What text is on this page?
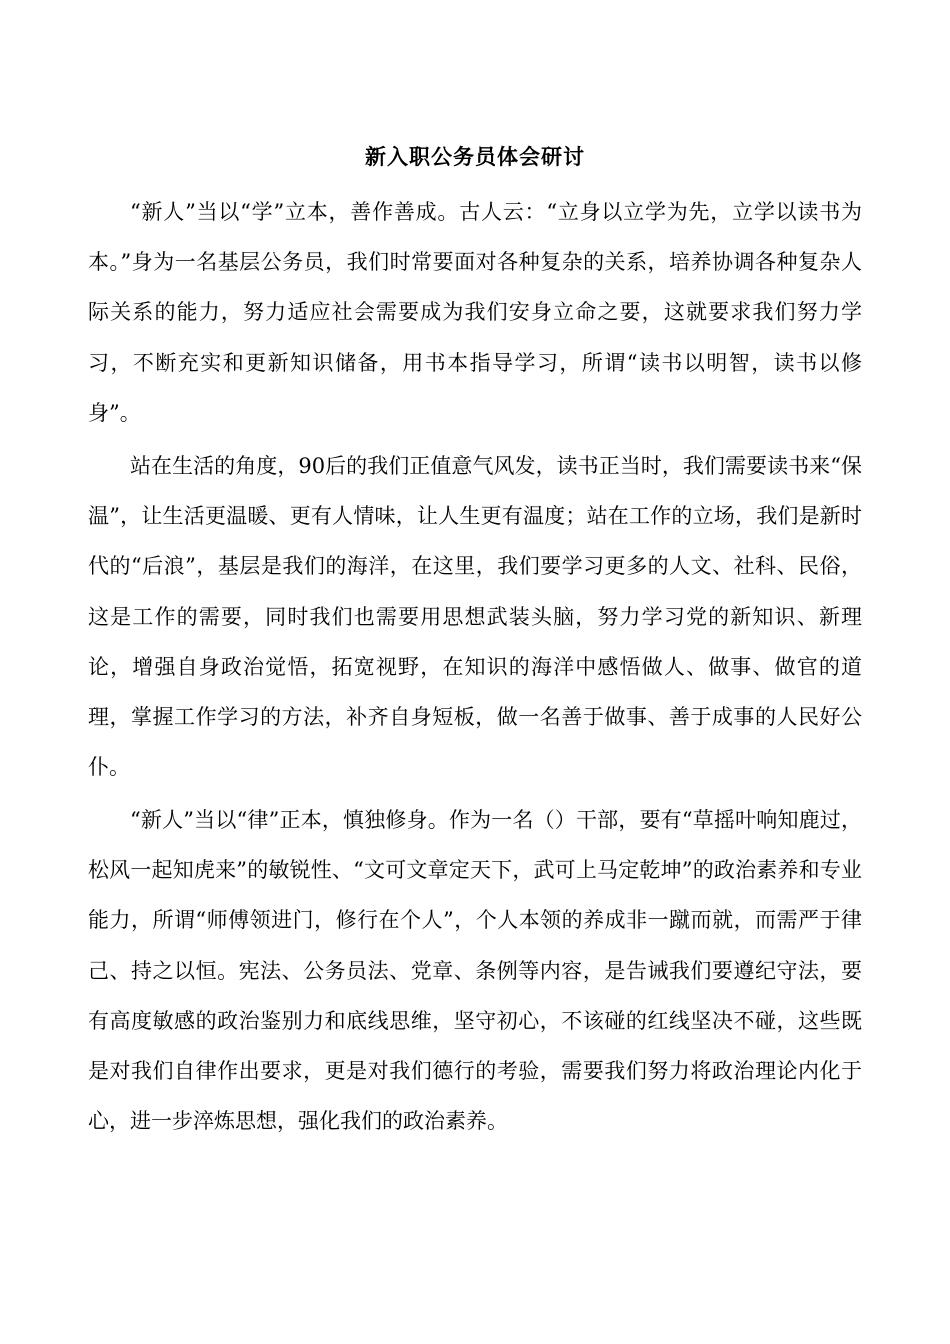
新入职公务员体会研讨

“新人”当以“学”立本，善作善成。古人云：“立身以立学为先，立学以读书为本。”身为一名基层公务员，我们时常要面对各种复杂的关系，培养协调各种复杂人际关系的能力，努力适应社会需要成为我们安身立命之要，这就要求我们努力学习，不断充实和更新知识储备，用书本指导学习，所谓“读书以明智，读书以修身”。

站在生活的角度，90后的我们正值意气风发，读书正当时，我们需要读书来“保温”，让生活更温暖、更有人情味，让人生更有温度；站在工作的立场，我们是新时代的“后浪”，基层是我们的海洋，在这里，我们要学习更多的人文、社科、民俗，这是工作的需要，同时我们也需要用思想武装头脑，努力学习党的新知识、新理论，增强自身政治觉悟，拓宽视野，在知识的海洋中感悟做人、做事、做官的道理，掌握工作学习的方法，补齐自身短板，做一名善于做事、善于成事的人民好公仆。

“新人”当以“律”正本，慎独修身。作为一名（）干部，要有“草摇叶响知鹿过，松风一起知虎来”的敏锐性、“文可文章定天下，武可上马定乾坤”的政治素养和专业能力，所谓“师傅领进门，修行在个人”，个人本领的养成非一蹴而就，而需严于律己、持之以恒。宪法、公务员法、党章、条例等内容，是告诫我们要遵纪守法，要有高度敏感的政治鉴别力和底线思维，坚守初心，不该碰的红线坚决不碰，这些既是对我们自律作出要求，更是对我们德行的考验，需要我们努力将政治理论内化于心，进一步淬炼思想，强化我们的政治素养。
